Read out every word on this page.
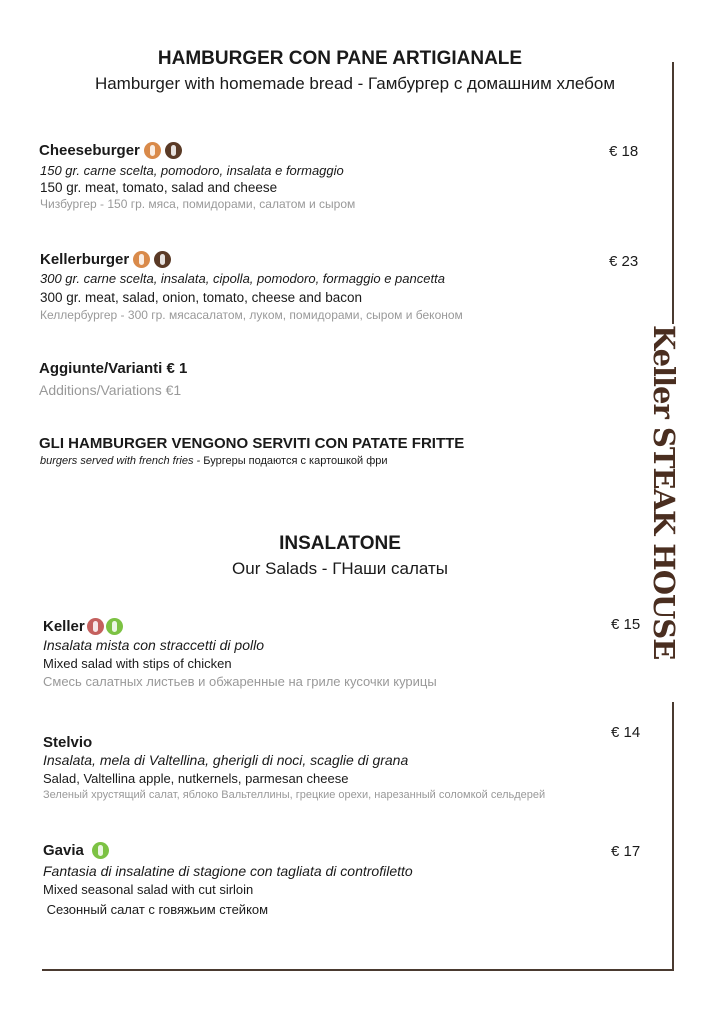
Keller STEAK HOUSE
HAMBURGER CON PANE ARTIGIANALE
Hamburger with homemade bread - Гамбургер с домашним хлебом
Cheeseburger
150 gr. carne scelta, pomodoro, insalata e formaggio
150 gr. meat, tomato, salad and cheese
Чизбургер - 150 гр. мяса, помидорами, салатом и сыром
€ 18
Kellerburger
300 gr. carne scelta, insalata, cipolla, pomodoro, formaggio e pancetta
300 gr. meat, salad, onion, tomato, cheese and bacon
Келлербургер - 300 гр. мясасалатом, луком, помидорами, сыром и беконом
€ 23
Aggiunte/Varianti € 1
Additions/Variations €1
GLI HAMBURGER VENGONO SERVITI CON PATATE FRITTE
burgers served with french fries - Бургеры подаются с картошкой фри
INSALATONE
Our Salads - ГНаши салаты
Keller
Insalata mista con straccetti di pollo
Mixed salad with stips of chicken
Смесь салатных листьев и обжаренные на гриле кусочки курицы
€ 15
Stelvio
Insalata, mela di Valtellina, gherigli di noci, scaglie di grana
Salad, Valtellina apple, nutkernels, parmesan cheese
Зеленый хрустящий салат, яблоко Вальтеллины, грецкие орехи, нарезанный соломкой сельдерей
€ 14
Gavia
Fantasia di insalatine di stagione con tagliata di controfiletto
Mixed seasonal salad with cut sirloin
Сезонный салат с говяжьим стейком
€ 17
